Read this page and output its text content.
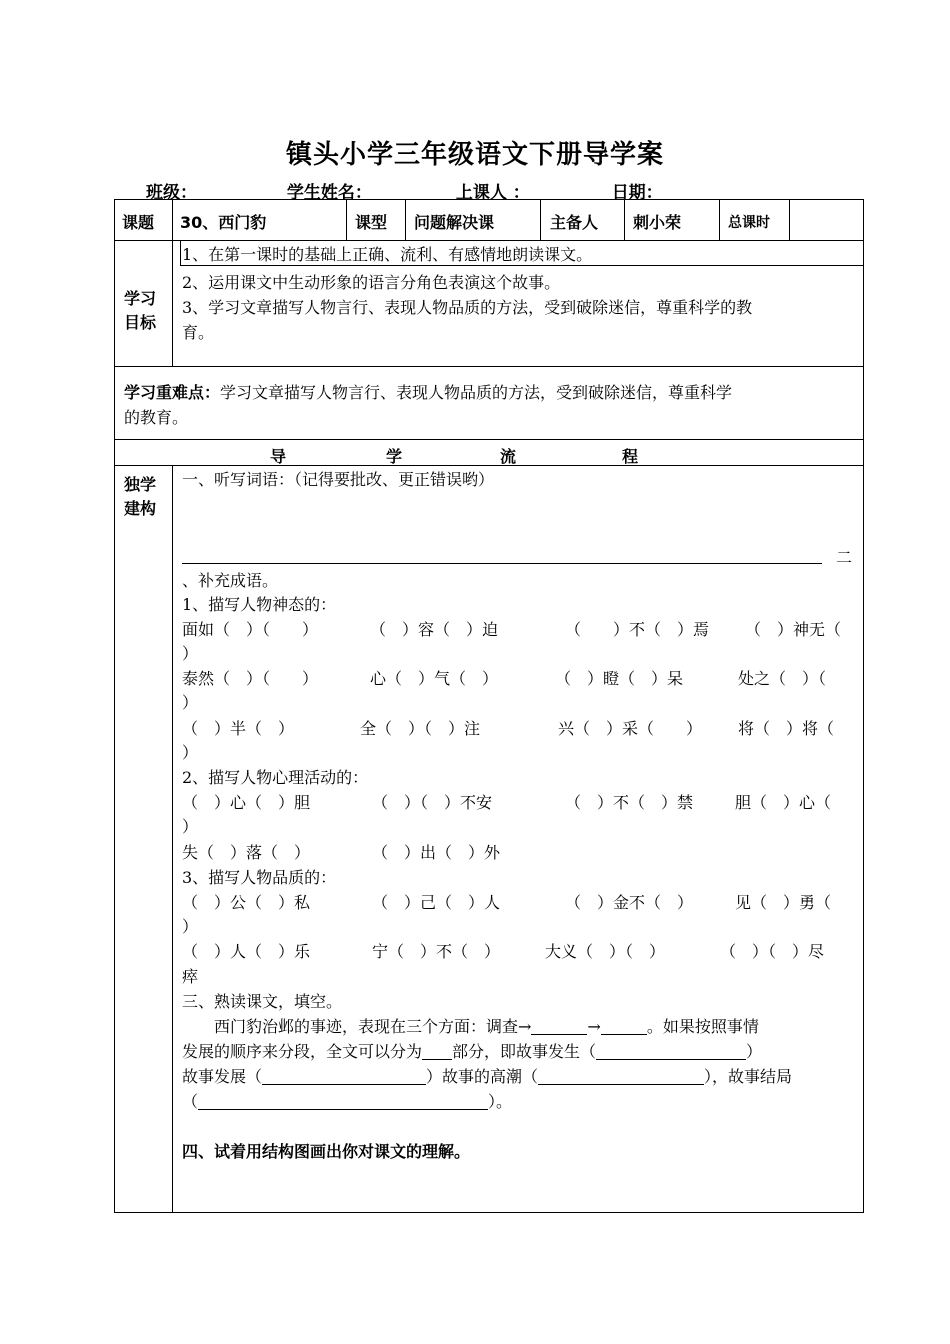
镇头小学三年级语文下册导学案
班级：	学生姓名：	上课人 ：	日期：
课题 30、西门豹	课型 问题解决课	主备人 刺小荣	总课时
学习
目标
1、在第一课时的基础上正确、流利、有感情地朗读课文。
2、运用课文中生动形象的语言分角色表演这个故事。
3、学习文章描写人物言行、表现人物品质的方法，受到破除迷信，尊重科学的教
育。
学习重难点：学习文章描写人物言行、表现人物品质的方法，受到破除迷信，尊重科学
的教育。
导	学	流	程
独学
建构
一、听写词语：（记得要批改、更正错误哟）
二
、补充成语。
1、描写人物神态的：
面如（　）（　　）	（　）容（　）迫	（　　）不（　）焉 （　）神无（
）
泰然（　）（　　）	心（　）气（　）	（　）瞪（　）呆	处之（　）（
）
（　）半（　）	全（　）（　）注	兴（　）采（　　） 将（　）将（
）
2、描写人物心理活动的：
（　）心（　）胆	（　）（　）不安	（　）不（　）禁	胆（　）心（
）
失（　）落（　）	（　）出（　）外
3、描写人物品质的：
（　）公（　）私	（　）己（　）人	（　）金不（　）	见（　）勇（
）
（　）人（　）乐	宁（　）不（　）	大义（　）（　）	（　）（　）尽
瘁
三、熟读课文，填空。
西门豹治邺的事迹，表现在三个方面：调查→	→	。如果按照事情
发展的顺序来分段，全文可以分为 部分，即故事发生（	）
故事发展（	）故事的高潮（	），故事结局
（	）。
四、试着用结构图画出你对课文的理解。
